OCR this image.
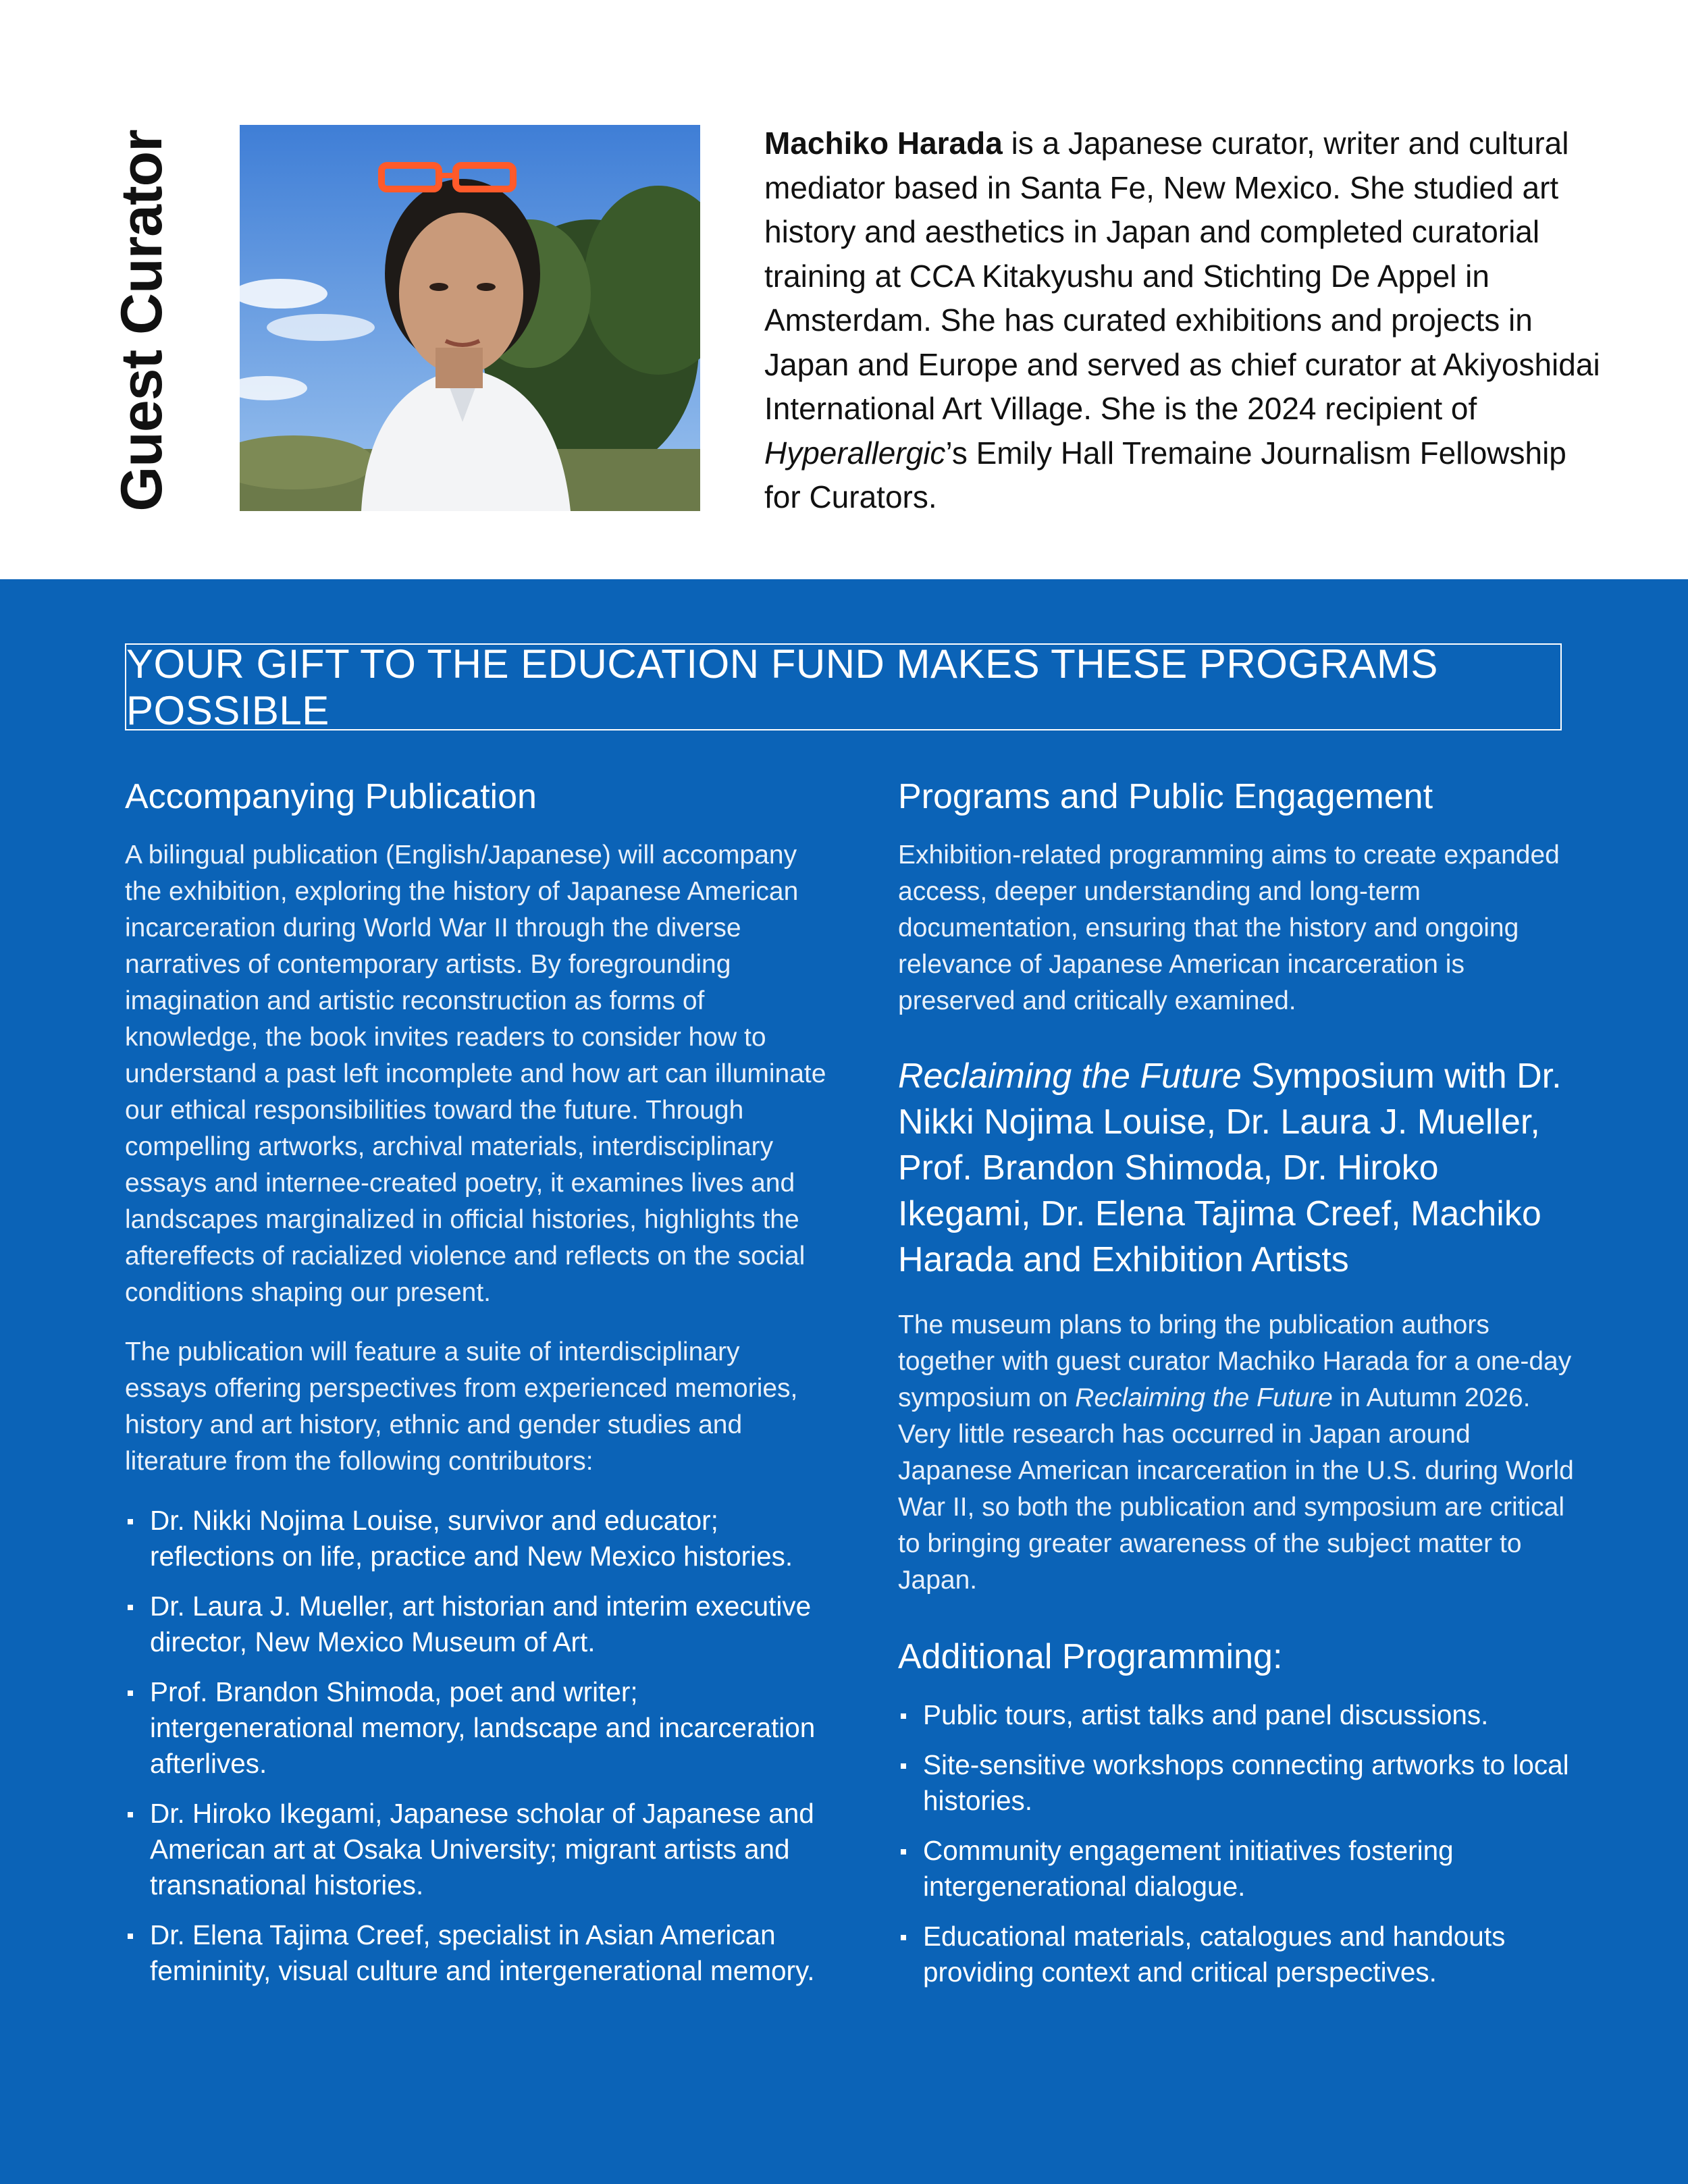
Guest Curator	Machiko Harada is a Japanese curator, writer and cultural mediator based in Santa Fe, New Mexico. She studied art history and aesthetics in Japan and completed curatorial training at CCA Kitakyushu and Stichting De Appel in Amsterdam. She has curated exhibitions and projects in Japan and Europe and served as chief curator at Akiyoshidai International Art Village. She is the 2024 recipient of Hyperallergic’s Emily Hall Tremaine Journalism Fellowship for Curators.
YOUR GIFT TO THE EDUCATION FUND MAKES THESE PROGRAMS POSSIBLE
Accompanying Publication

A bilingual publication (English/Japanese) will accompany the exhibition, exploring the history of Japanese American incarceration during World War II through the diverse narratives of contemporary artists. By foregrounding imagination and artistic reconstruction as forms of knowledge, the book invites readers to consider how to understand a past left incomplete and how art can illuminate our ethical responsibilities toward the future. Through compelling artworks, archival materials, interdisciplinary essays and internee-created poetry, it examines lives and landscapes marginalized in official histories, highlights the aftereffects of racialized violence and reflects on the social conditions shaping our present.

The publication will feature a suite of interdisciplinary essays offering perspectives from experienced memories, history and art history, ethnic and gender studies and literature from the following contributors:

Dr. Nikki Nojima Louise, survivor and educator; reflections on life, practice and New Mexico histories.
Dr. Laura J. Mueller, art historian and interim executive director, New Mexico Museum of Art.
Prof. Brandon Shimoda, poet and writer; intergenerational memory, landscape and incarceration afterlives.
Dr. Hiroko Ikegami, Japanese scholar of Japanese and American art at Osaka University; migrant artists and transnational histories.
Dr. Elena Tajima Creef, specialist in Asian American femininity, visual culture and intergenerational memory.
Programs and Public Engagement

Exhibition-related programming aims to create expanded access, deeper understanding and long-term documentation, ensuring that the history and ongoing relevance of Japanese American incarceration is preserved and critically examined.

Reclaiming the Future Symposium with Dr. Nikki Nojima Louise, Dr. Laura J. Mueller, Prof. Brandon Shimoda, Dr. Hiroko Ikegami, Dr. Elena Tajima Creef, Machiko Harada and Exhibition Artists

The museum plans to bring the publication authors together with guest curator Machiko Harada for a one-day symposium on Reclaiming the Future in Autumn 2026. Very little research has occurred in Japan around Japanese American incarceration in the U.S. during World War II, so both the publication and symposium are critical to bringing greater awareness of the subject matter to Japan.

Additional Programming:
Public tours, artist talks and panel discussions.
Site-sensitive workshops connecting artworks to local histories.
Community engagement initiatives fostering intergenerational dialogue.
Educational materials, catalogues and handouts providing context and critical perspectives.
